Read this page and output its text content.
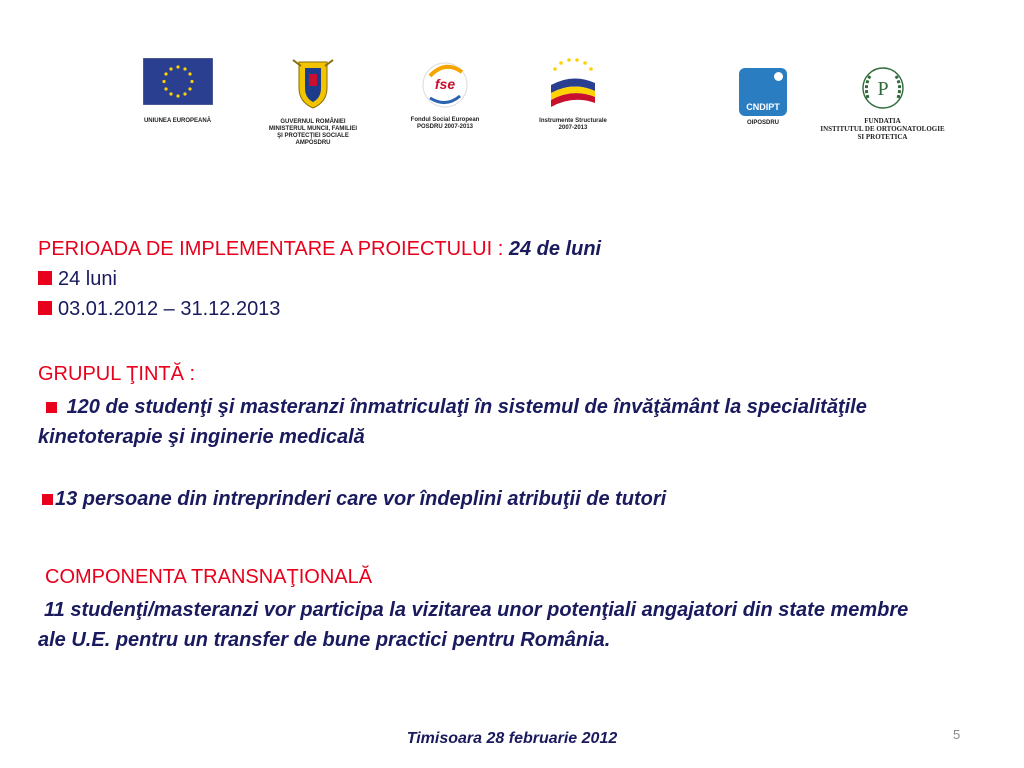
UNIUNEA EUROPEANĂ	GUVERNUL ROMÂNIEI
MINISTERUL MUNCII, FAMILIEI
ŞI PROTECŢIEI SOCIALE
AMPOSDRU
fse
Fondul Social European
POSDRU 2007-2013
Instrumente Structurale
2007-2013
CNDIPT
OIPOSDRU
P
FUNDATIA
INSTITUTUL DE ORTOGNATOLOGIE
SI PROTETICA
PERIOADA DE IMPLEMENTARE A PROIECTULUI : 24 de luni
24 luni
03.01.2012 – 31.12.2013
GRUPUL ŢINTĂ :
120 de studenţi şi masteranzi înmatriculaţi în sistemul de învăţământ la specialităţile
kinetoterapie şi inginerie medicală
13 persoane din intreprinderi care vor îndeplini atribuţii de tutori
COMPONENTA TRANSNAŢIONALĂ
11 studenţi/masteranzi vor participa la vizitarea unor potenţiali angajatori din state membre
ale U.E. pentru un transfer de bune practici pentru România.
Timisoara 28 februarie 2012	5
